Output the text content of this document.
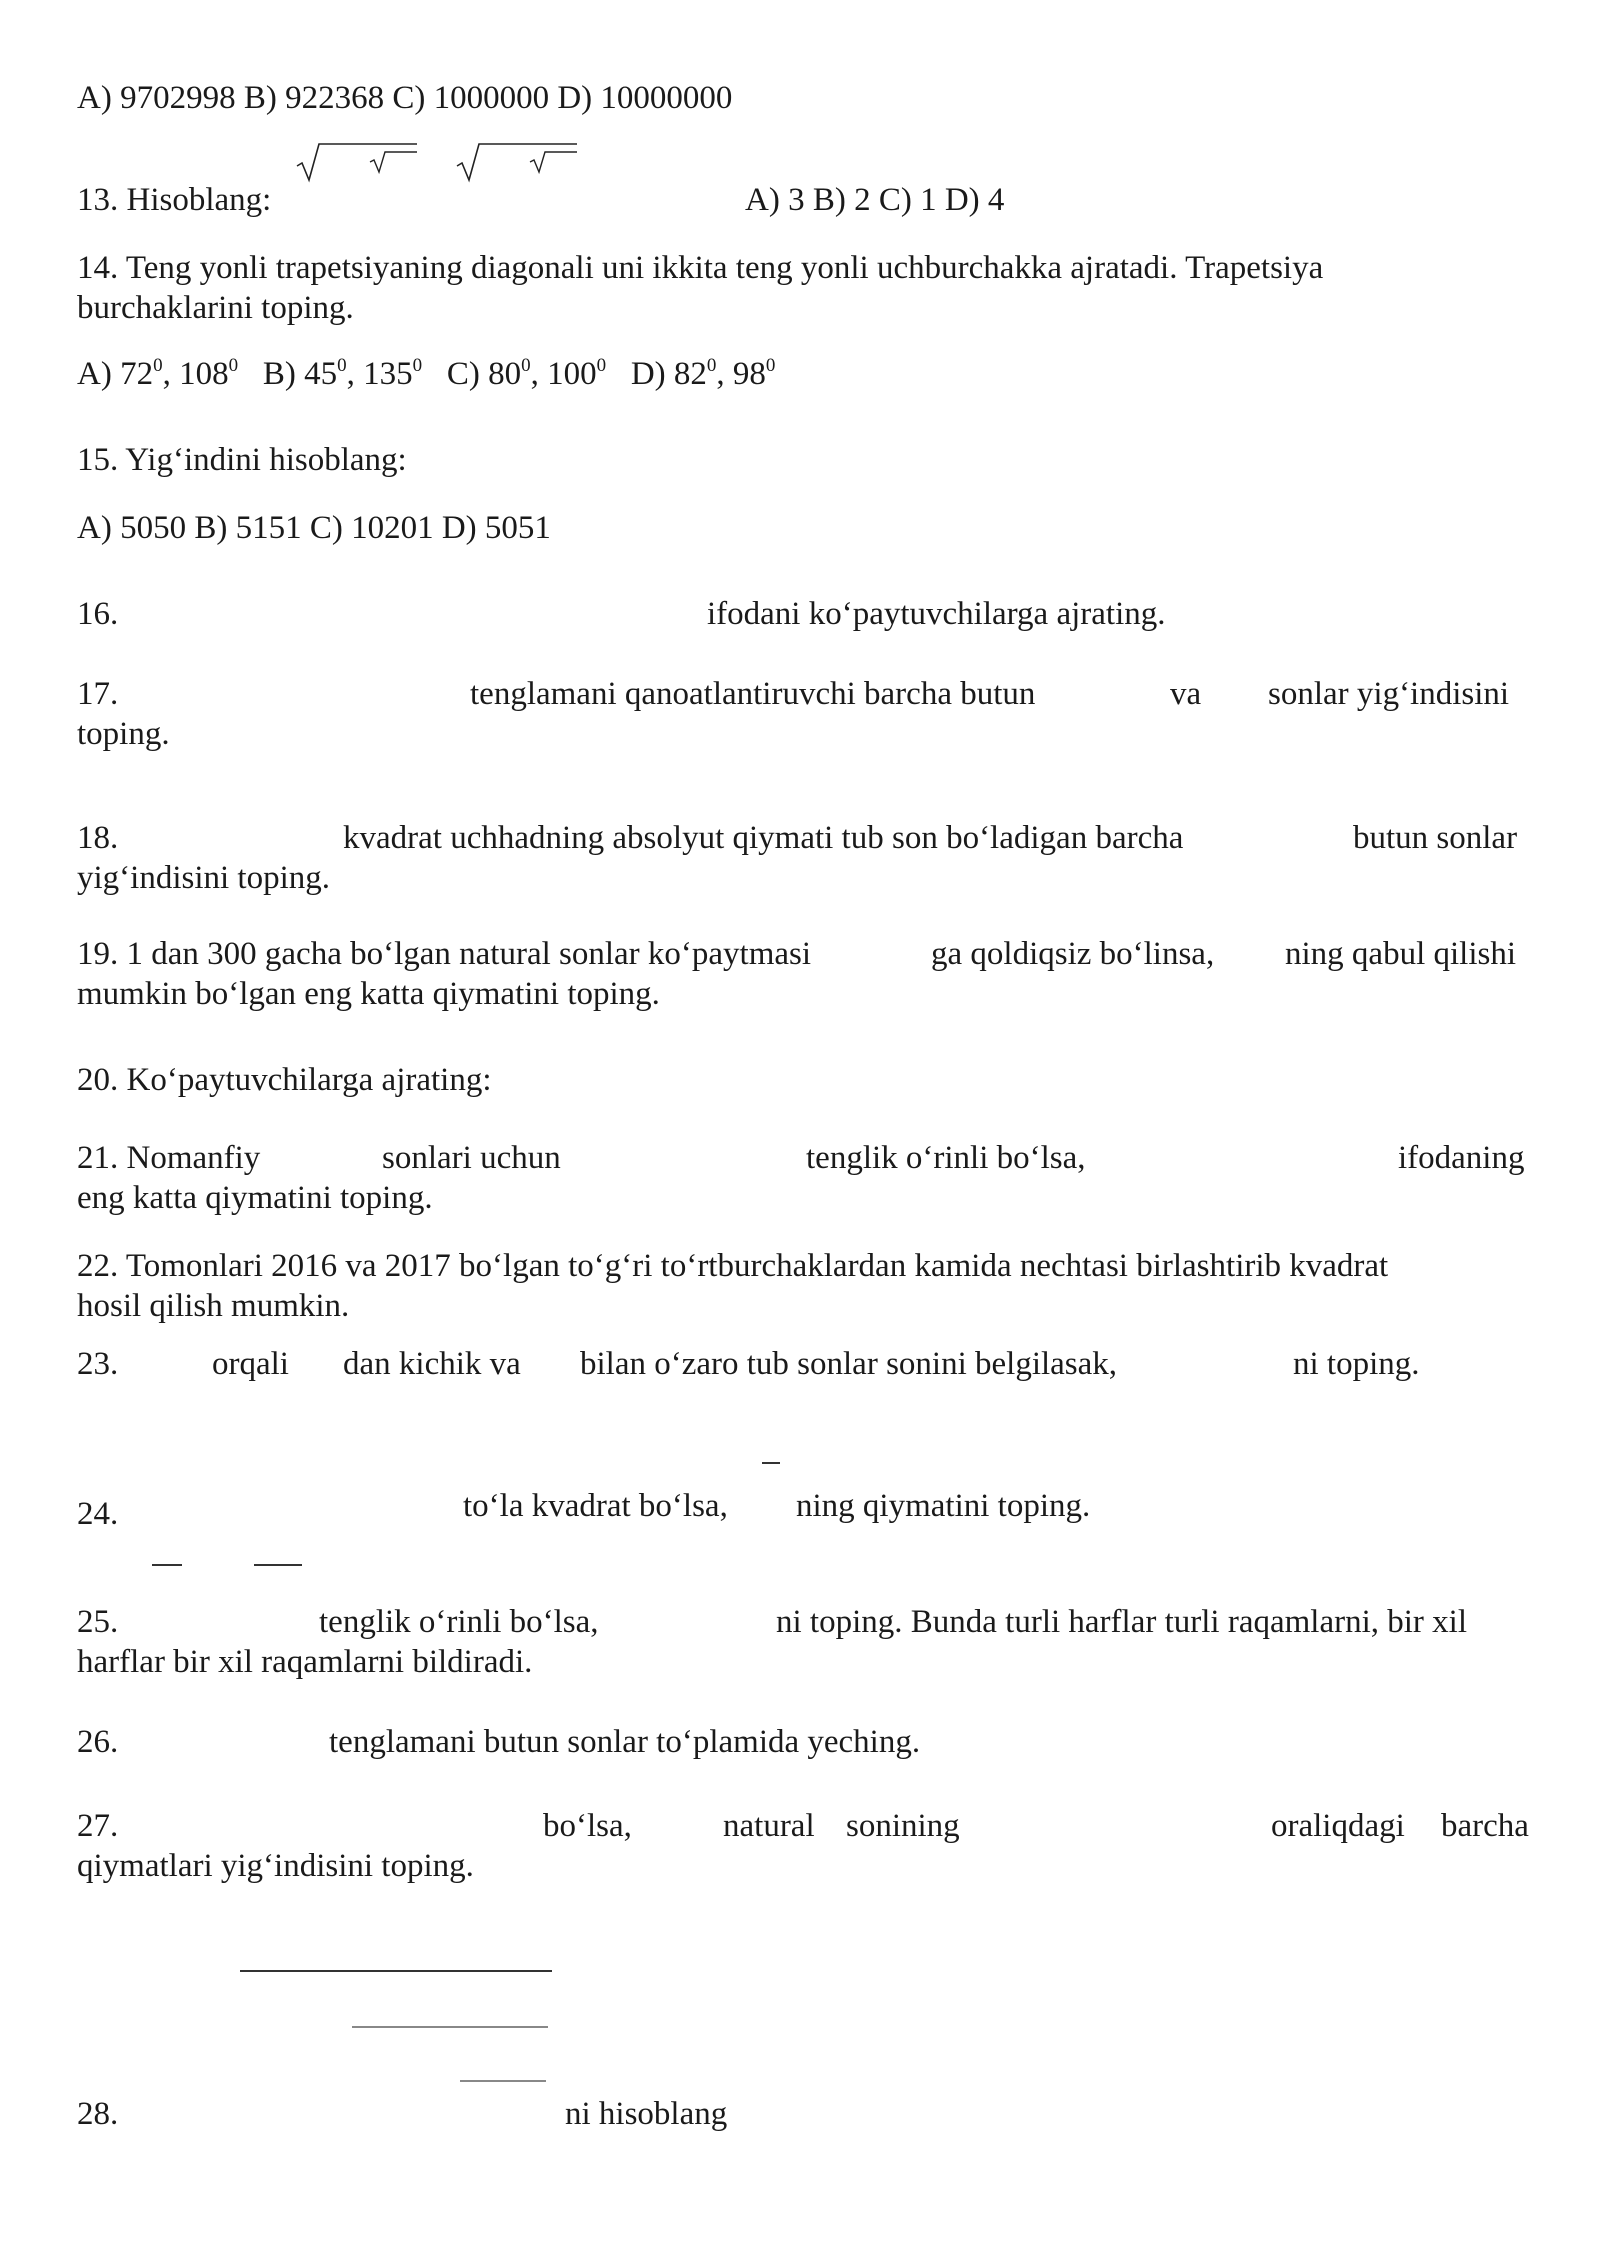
A) 9702998 B) 922368 C) 1000000 D) 10000000
13. Hisoblang:	A) 3 B) 2 C) 1 D) 4
14. Teng yonli trapetsiyaning diagonali uni ikkita teng yonli uchburchakka ajratadi. Trapetsiya
burchaklarini toping.
A) $72^0$, $108^0$ B) $45^0$, $135^0$ C) $80^0$, $100^0$ D) $82^0$, $98^0$
15. Yig‘indini hisoblang:
A) 5050 B) 5151 C) 10201 D) 5051
16.	ifodani ko‘paytuvchilarga ajrating.
17.	tenglamani qanoatlantiruvchi barcha butun	va sonlar yig‘indisini
toping.
18.	kvadrat uchhadning absolyut qiymati tub son bo‘ladigan barcha	butun sonlar
yig‘indisini toping.
19. 1 dan 300 gacha bo‘lgan natural sonlar ko‘paytmasi	ga qoldiqsiz bo‘linsa, ning qabul qilishi
mumkin bo‘lgan eng katta qiymatini toping.
20. Ko‘paytuvchilarga ajrating:
21. Nomanfiy	sonlari uchun	tenglik o‘rinli bo‘lsa,	ifodaning
eng katta qiymatini toping.
22. Tomonlari 2016 va 2017 bo‘lgan to‘g‘ri to‘rtburchaklardan kamida nechtasi birlashtirib kvadrat
hosil qilish mumkin.
23.	orqali dan kichik va bilan o‘zaro tub sonlar sonini belgilasak,	ni toping.
24.	to‘la kvadrat bo‘lsa, ning qiymatini toping.
25.	tenglik o‘rinli bo‘lsa,	ni toping. Bunda turli harflar turli raqamlarni, bir xil
harflar bir xil raqamlarni bildiradi.
26.	tenglamani butun sonlar to‘plamida yeching.
27.	bo‘lsa,	natural sonining	oraliqdagi barcha
qiymatlari yig‘indisini toping.
28.	ni hisoblang
